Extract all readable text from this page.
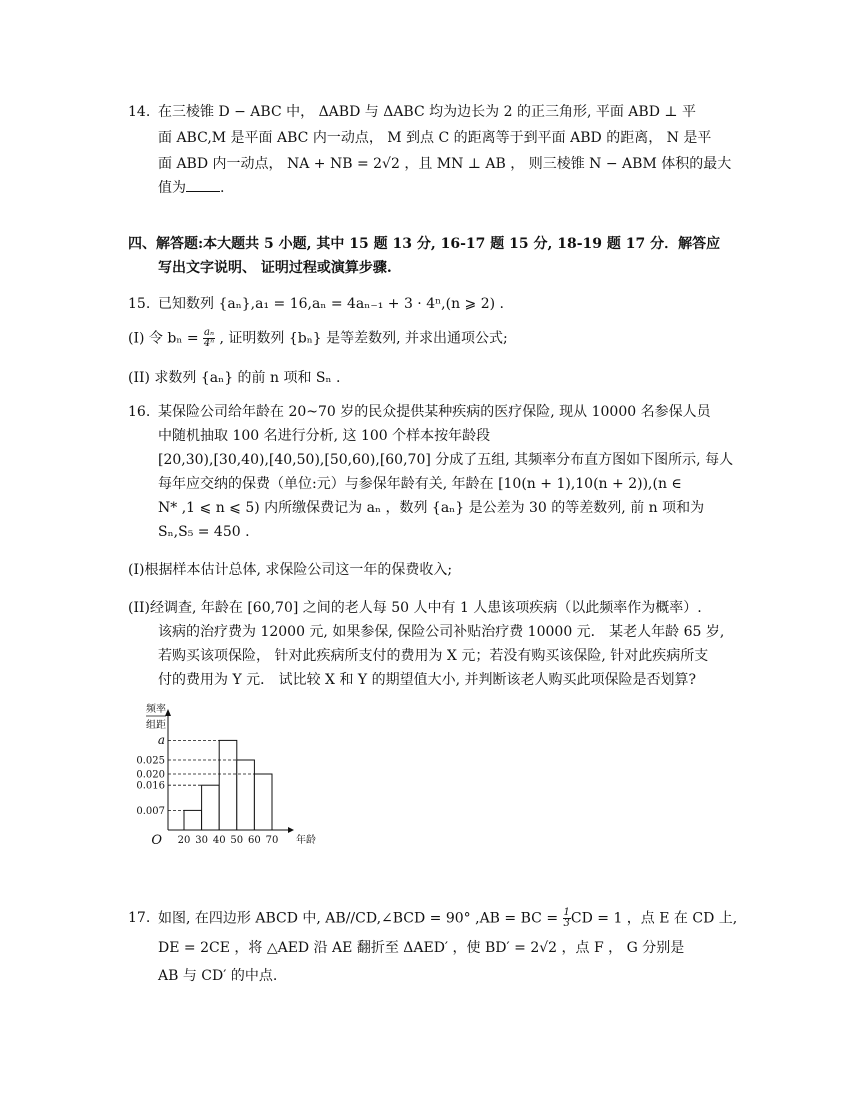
14. 在三棱锥 D − ABC 中， ΔABD 与 ΔABC 均为边长为 2 的正三角形, 平面 ABD ⊥ 平
面 ABC,M 是平面 ABC 内一动点， M 到点 C 的距离等于到平面 ABD 的距离， N 是平
面 ABD 内一动点， NA + NB = 2√2 ，且 MN ⊥ AB ， 则三棱锥 N − ABM 体积的最大
值为 .
四、解答题:本大题共 5 小题, 其中 15 题 13 分, 16-17 题 15 分, 18-19 题 17 分．解答应
写出文字说明、 证明过程或演算步骤.
15. 已知数列 {aₙ},a₁ = 16,aₙ = 4aₙ₋₁ + 3 · 4ⁿ,(n ⩾ 2) .
(I) 令 $b_n = \frac{\text{aₙ}}{\text{4ⁿ}}$ , 证明数列 {bₙ} 是等差数列, 并求出通项公式;
(II) 求数列 {aₙ} 的前 n 项和 Sₙ .
16. 某保险公司给年龄在 20~70 岁的民众提供某种疾病的医疗保险, 现从 10000 名参保人员
中随机抽取 100 名进行分析, 这 100 个样本按年龄段
[20,30),[30,40),[40,50),[50,60),[60,70] 分成了五组, 其频率分布直方图如下图所示, 每人
每年应交纳的保费（单位:元）与参保年龄有关, 年龄在 [10(n + 1),10(n + 2)),(n ∈
N* ,1 ⩽ n ⩽ 5) 内所缴保费记为 aₙ ，数列 {aₙ} 是公差为 30 的等差数列, 前 n 项和为
Sₙ,S₅ = 450 .
(I)根据样本估计总体, 求保险公司这一年的保费收入;
(II)经调查, 年龄在 [60,70] 之间的老人每 50 人中有 1 人患该项疾病（以此频率作为概率）.
该病的治疗费为 12000 元, 如果参保, 保险公司补贴治疗费 10000 元． 某老人年龄 65 岁,
若购买该项保险， 针对此疾病所支付的费用为 X 元；若没有购买该保险, 针对此疾病所支
付的费用为 Y 元． 试比较 X 和 Y 的期望值大小, 并判断该老人购买此项保险是否划算?
a
0.025
0.020
0.016
0.007
20 30 40 50 60 70
O	年龄
频率
组距
17. 如图, 在四边形 ABCD 中, AB//CD,∠BCD = 90° ,AB = BC = $\frac{1}{3}$ CD = 1 ，点 E 在 CD 上,
DE = 2CE ，将 △AED 沿 AE 翻折至 ΔAED′ ，使 BD′ = 2√2 ，点 F ， G 分别是
AB 与 CD′ 的中点.
